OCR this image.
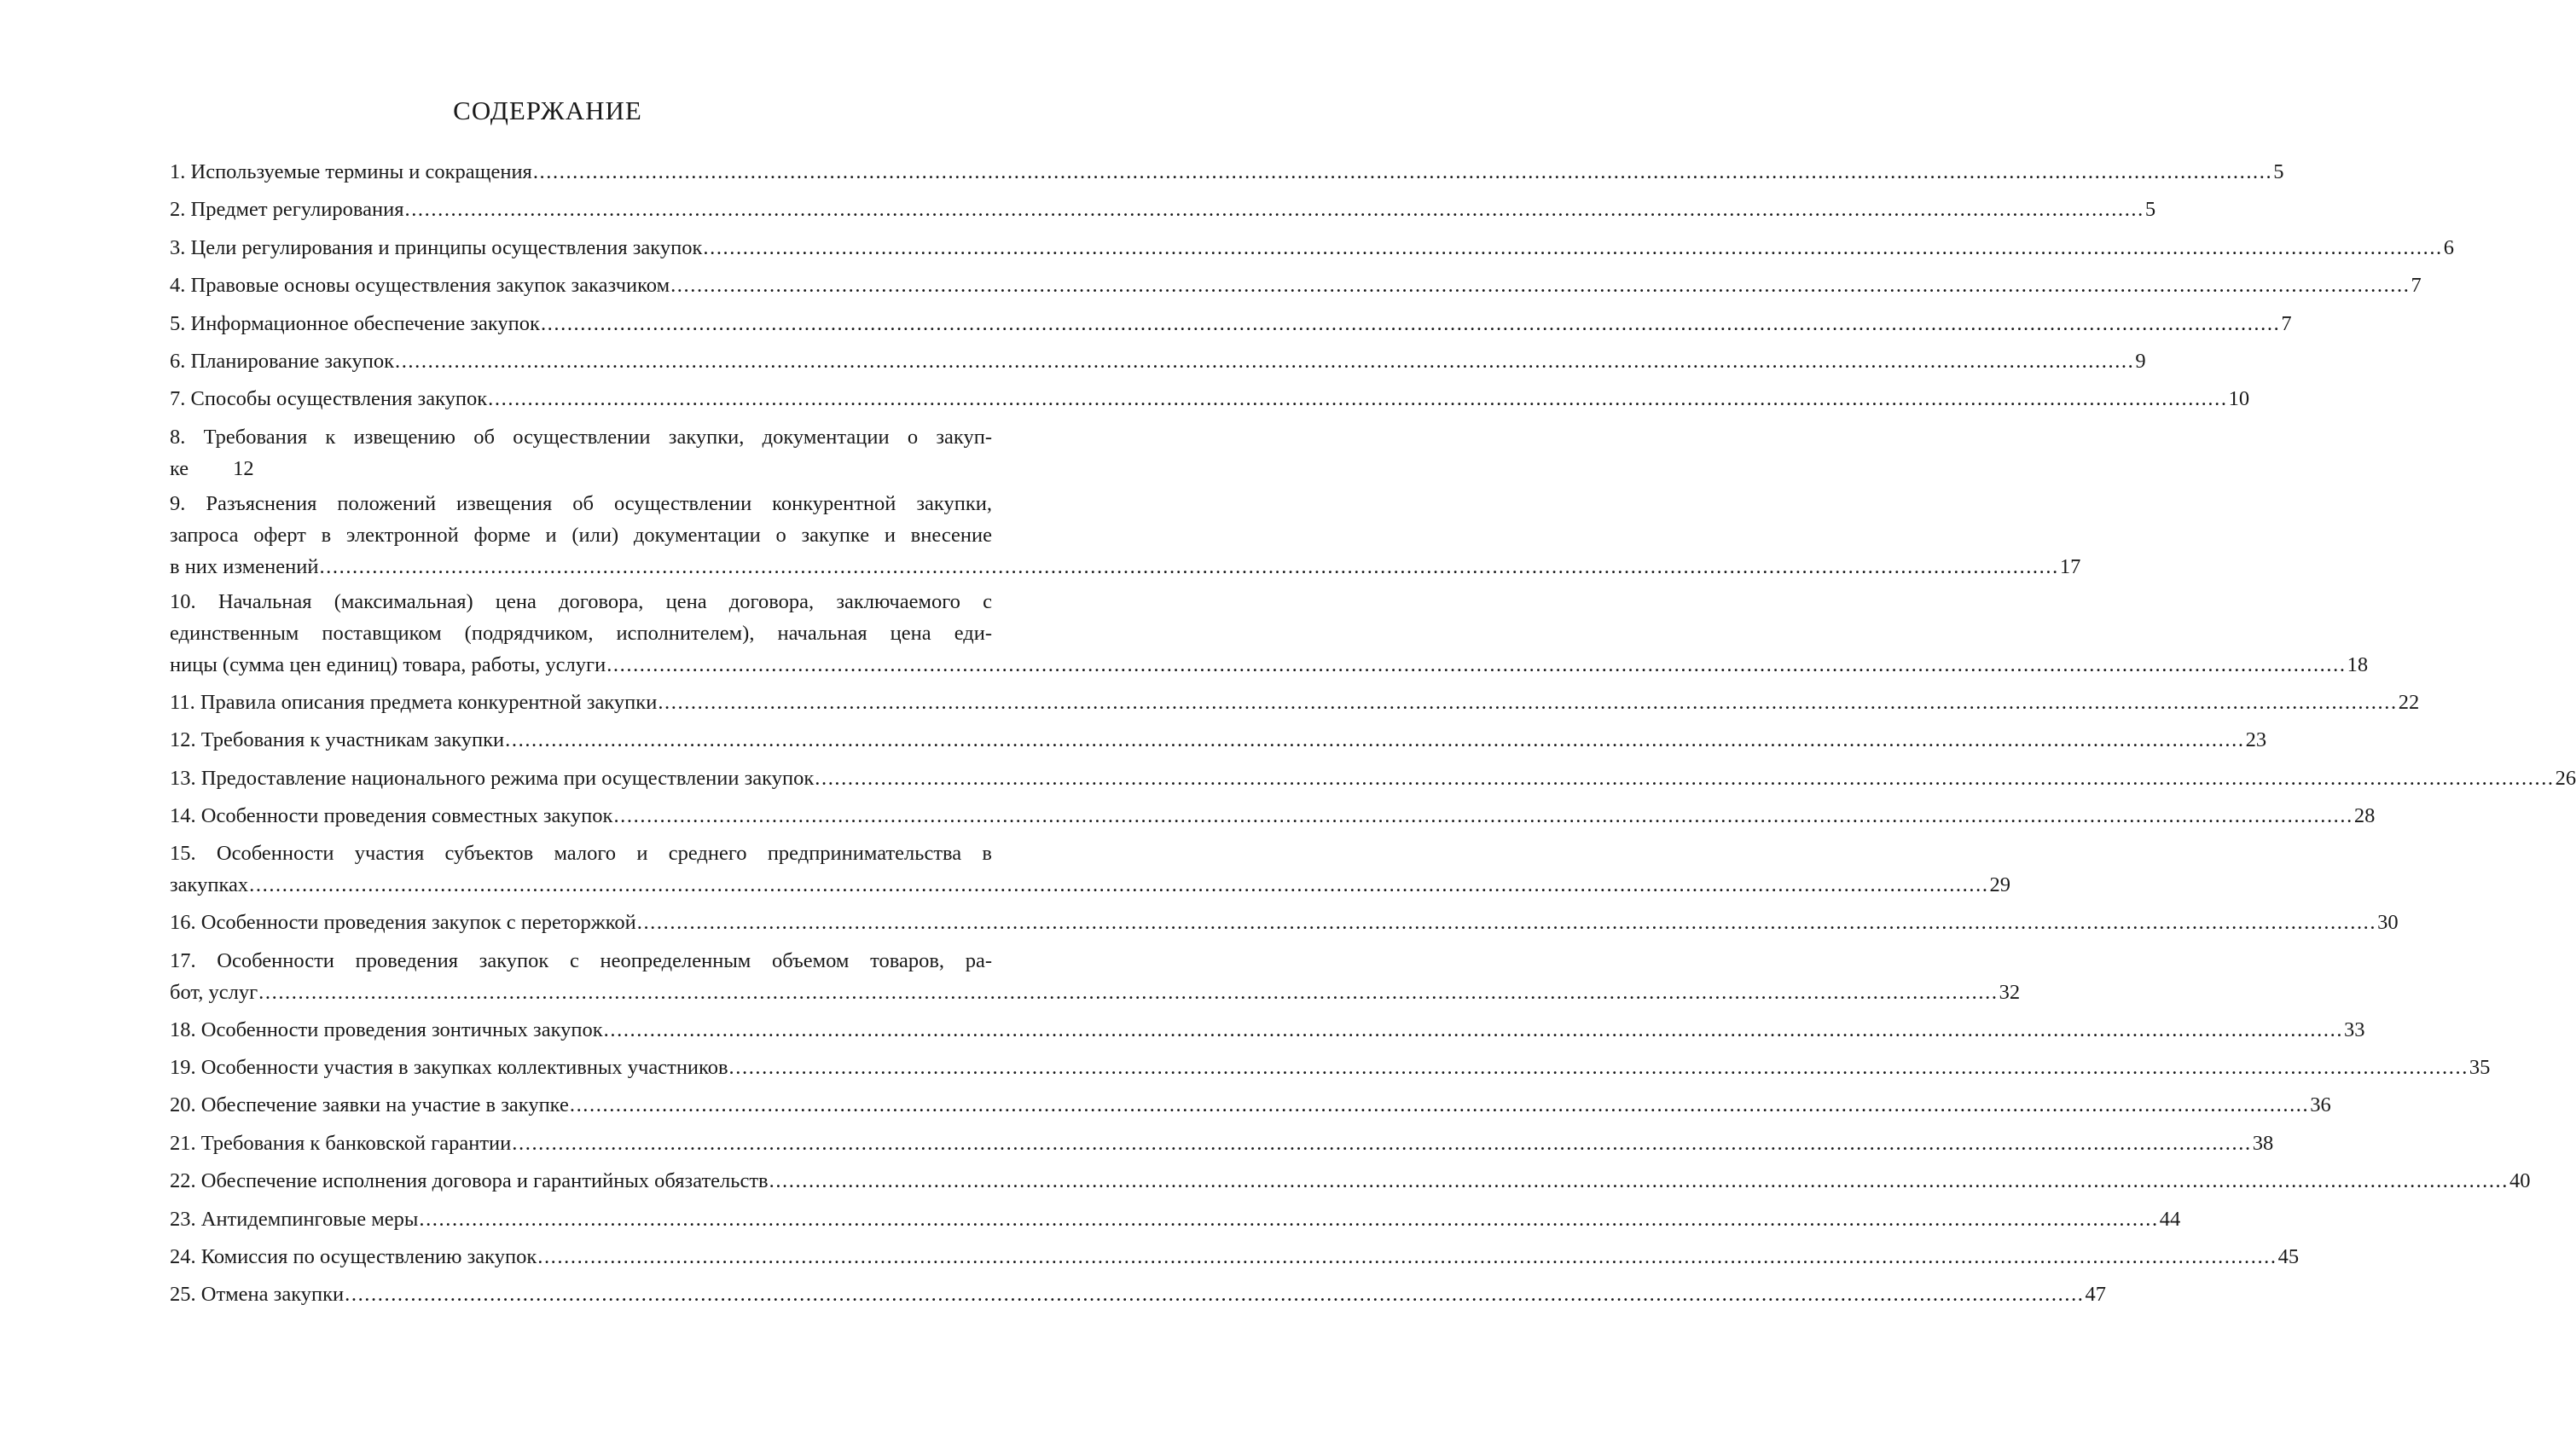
СОДЕРЖАНИЕ
1. Используемые термины и сокращения ........................................................................................................................................................................................................................................................................ 5
2. Предмет регулирования ........................................................................................................................................................................................................................................................................ 5
3. Цели регулирования и принципы осуществления закупок ........................................................................................................................................................................................................................................................................ 6
4. Правовые основы осуществления закупок заказчиком ........................................................................................................................................................................................................................................................................ 7
5. Информационное обеспечение закупок ........................................................................................................................................................................................................................................................................ 7
6. Планирование закупок ........................................................................................................................................................................................................................................................................ 9
7. Способы осуществления закупок ........................................................................................................................................................................................................................................................................ 10
8. Требования к извещению об осуществлении закупки, документации о закуп-
ке 12
9. Разъяснения положений извещения об осуществлении конкурентной закупки,
запроса оферт в электронной форме и (или) документации о закупке и внесение
в них изменений ........................................................................................................................................................................................................................................................................ 17
10. Начальная (максимальная) цена договора, цена договора, заключаемого с
единственным поставщиком (подрядчиком, исполнителем), начальная цена еди-
ницы (сумма цен единиц) товара, работы, услуги ........................................................................................................................................................................................................................................................................ 18
11. Правила описания предмета конкурентной закупки ........................................................................................................................................................................................................................................................................ 22
12. Требования к участникам закупки ........................................................................................................................................................................................................................................................................ 23
13. Предоставление национального режима при осуществлении закупок ........................................................................................................................................................................................................................................................................ 26
14. Особенности проведения совместных закупок ........................................................................................................................................................................................................................................................................ 28
15. Особенности участия субъектов малого и среднего предпринимательства в
закупках ........................................................................................................................................................................................................................................................................ 29
16. Особенности проведения закупок с переторжкой ........................................................................................................................................................................................................................................................................ 30
17. Особенности проведения закупок с неопределенным объемом товаров, ра-
бот, услуг ........................................................................................................................................................................................................................................................................ 32
18. Особенности проведения зонтичных закупок ........................................................................................................................................................................................................................................................................ 33
19. Особенности участия в закупках коллективных участников ........................................................................................................................................................................................................................................................................ 35
20. Обеспечение заявки на участие в закупке ........................................................................................................................................................................................................................................................................ 36
21. Требования к банковской гарантии ........................................................................................................................................................................................................................................................................ 38
22. Обеспечение исполнения договора и гарантийных обязательств ........................................................................................................................................................................................................................................................................ 40
23. Антидемпинговые меры ........................................................................................................................................................................................................................................................................ 44
24. Комиссия по осуществлению закупок ........................................................................................................................................................................................................................................................................ 45
25. Отмена закупки ........................................................................................................................................................................................................................................................................ 47
